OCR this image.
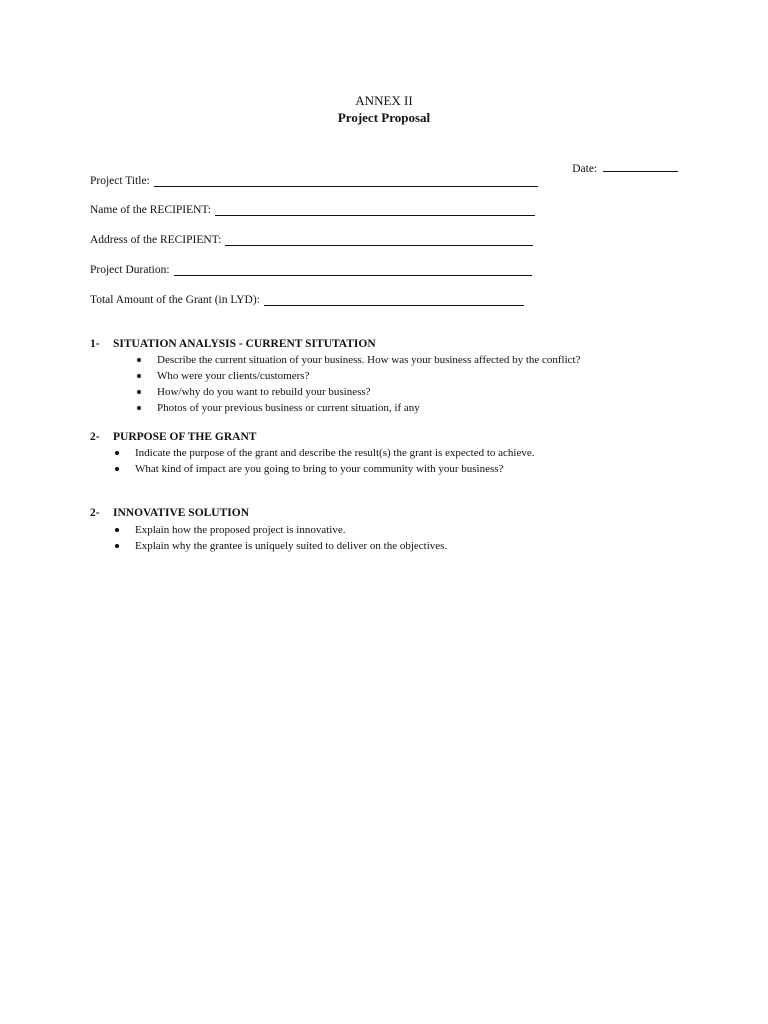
ANNEX II
Project Proposal
Date:
Project Title:
Name of the RECIPIENT:
Address of the RECIPIENT:
Project Duration:
Total Amount of the Grant (in LYD):
1- SITUATION ANALYSIS - CURRENT SITUTATION
Describe the current situation of your business. How was your business affected by the conflict?
Who were your clients/customers?
How/why do you want to rebuild your business?
Photos of your previous business or current situation, if any
2- PURPOSE OF THE GRANT
Indicate the purpose of the grant and describe the result(s) the grant is expected to achieve.
What kind of impact are you going to bring to your community with your business?
2- INNOVATIVE SOLUTION
Explain how the proposed project is innovative.
Explain why the grantee is uniquely suited to deliver on the objectives.
